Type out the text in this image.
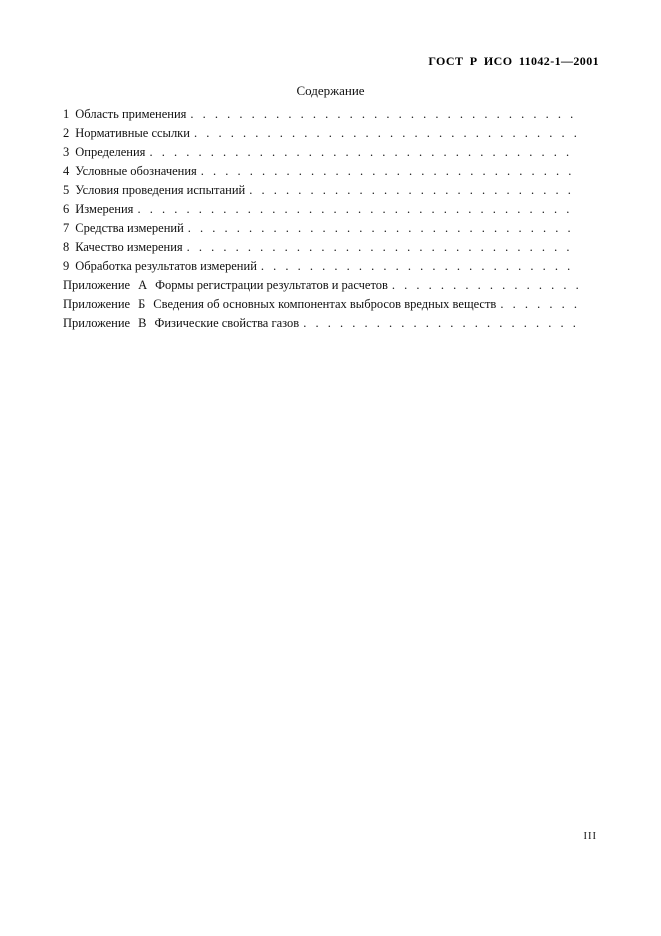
ГОСТ Р ИСО 11042-1—2001
Содержание
1 Область применения
. . .
2 Нормативные ссылки
. . .
3 Определения
. . .
4 Условные обозначения
. . .
5 Условия проведения испытаний
. . .
6 Измерения
. . .
7 Средства измерений
. . .
8 Качество измерения
. . .
9 Обработка результатов измерений
. . .
Приложение А Формы регистрации результатов и расчетов
. . .
Приложение Б Сведения об основных компонентах выбросов вредных веществ
. . .
Приложение В Физические свойства газов
. . .
III
